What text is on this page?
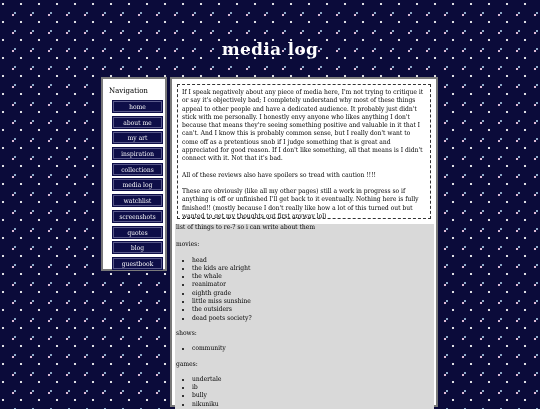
media log

Navigation

home
about me
my art
inspiration
collections
media log
watchlist
screenshots
quotes
blog
guestbook

If I speak negatively about any piece of media here, I'm not trying to critique it or say it's objectively bad; I completely understand why most of these things appeal to other people and have a dedicated audience. It probably just didn't stick with me personally. I honestly envy anyone who likes anything I don't because that means they're seeing something positive and valuable in it that I can't. And I know this is probably common sense, but I really don't want to come off as a pretentious snob if I judge something that is great and appreciated for good reason. If I don't like something, all that means is I didn't connect with it. Not that it's bad.

All of these reviews also have spoilers so tread with caution !!!!

These are obviously (like all my other pages) still a work in progress so if anything is off or unfinished I'll get back to it eventually. Nothing here is fully finished!! (mostly because I don't really like how a lot of this turned out but wanted to get my thoughts out first anyway lol)

list of things to re-? so i can write about them

movies:

• head
• the kids are alright
• the whale
• reanimator
• eighth grade
• little miss sunshine
• the outsiders
• dead poets society?

shows:

• community

games:

• undertale
• ib
• bully
• nikuniku
